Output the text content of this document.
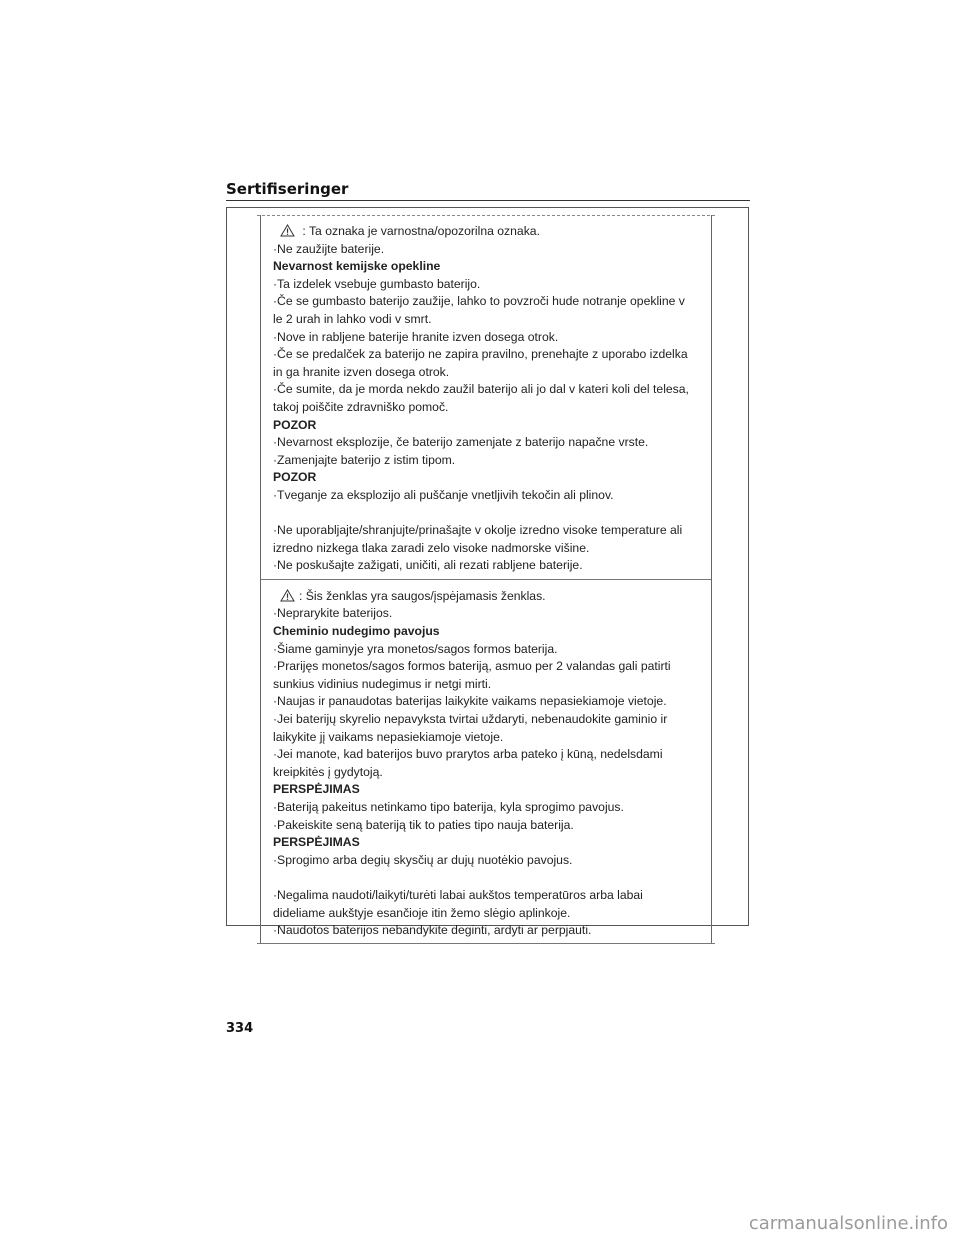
Sertifiseringer
: Ta oznaka je varnostna/opozorilna oznaka.
·Ne zaužijte baterije.
Nevarnost kemijske opekline
·Ta izdelek vsebuje gumbasto baterijo.
·Če se gumbasto baterijo zaužije, lahko to povzroči hude notranje opekline v
le 2 urah in lahko vodi v smrt.
·Nove in rabljene baterije hranite izven dosega otrok.
·Če se predalček za baterijo ne zapira pravilno, prenehajte z uporabo izdelka
in ga hranite izven dosega otrok.
·Če sumite, da je morda nekdo zaužil baterijo ali jo dal v kateri koli del telesa,
takoj poiščite zdravniško pomoč.
POZOR
·Nevarnost eksplozije, če baterijo zamenjate z baterijo napačne vrste.
·Zamenjajte baterijo z istim tipom.
POZOR
·Tveganje za eksplozijo ali puščanje vnetljivih tekočin ali plinov.
·Ne uporabljajte/shranjujte/prinašajte v okolje izredno visoke temperature ali
izredno nizkega tlaka zaradi zelo visoke nadmorske višine.
·Ne poskušajte zažigati, uničiti, ali rezati rabljene baterije.
: Šis ženklas yra saugos/įspėjamasis ženklas.
·Neprarykite baterijos.
Cheminio nudegimo pavojus
·Šiame gaminyje yra monetos/sagos formos baterija.
·Prarijęs monetos/sagos formos bateriją, asmuo per 2 valandas gali patirti
sunkius vidinius nudegimus ir netgi mirti.
·Naujas ir panaudotas baterijas laikykite vaikams nepasiekiamoje vietoje.
·Jei baterijų skyrelio nepavyksta tvirtai uždaryti, nebenaudokite gaminio ir
laikykite jį vaikams nepasiekiamoje vietoje.
·Jei manote, kad baterijos buvo prarytos arba pateko į kūną, nedelsdami
kreipkitės į gydytoją.
PERSPĖJIMAS
·Bateriją pakeitus netinkamo tipo baterija, kyla sprogimo pavojus.
·Pakeiskite seną bateriją tik to paties tipo nauja baterija.
PERSPĖJIMAS
·Sprogimo arba degių skysčių ar dujų nuotėkio pavojus.
·Negalima naudoti/laikyti/turėti labai aukštos temperatūros arba labai
dideliame aukštyje esančioje itin žemo slėgio aplinkoje.
·Naudotos baterijos nebandykite deginti, ardyti ar perpjauti.
334
carmanualsonline.info
